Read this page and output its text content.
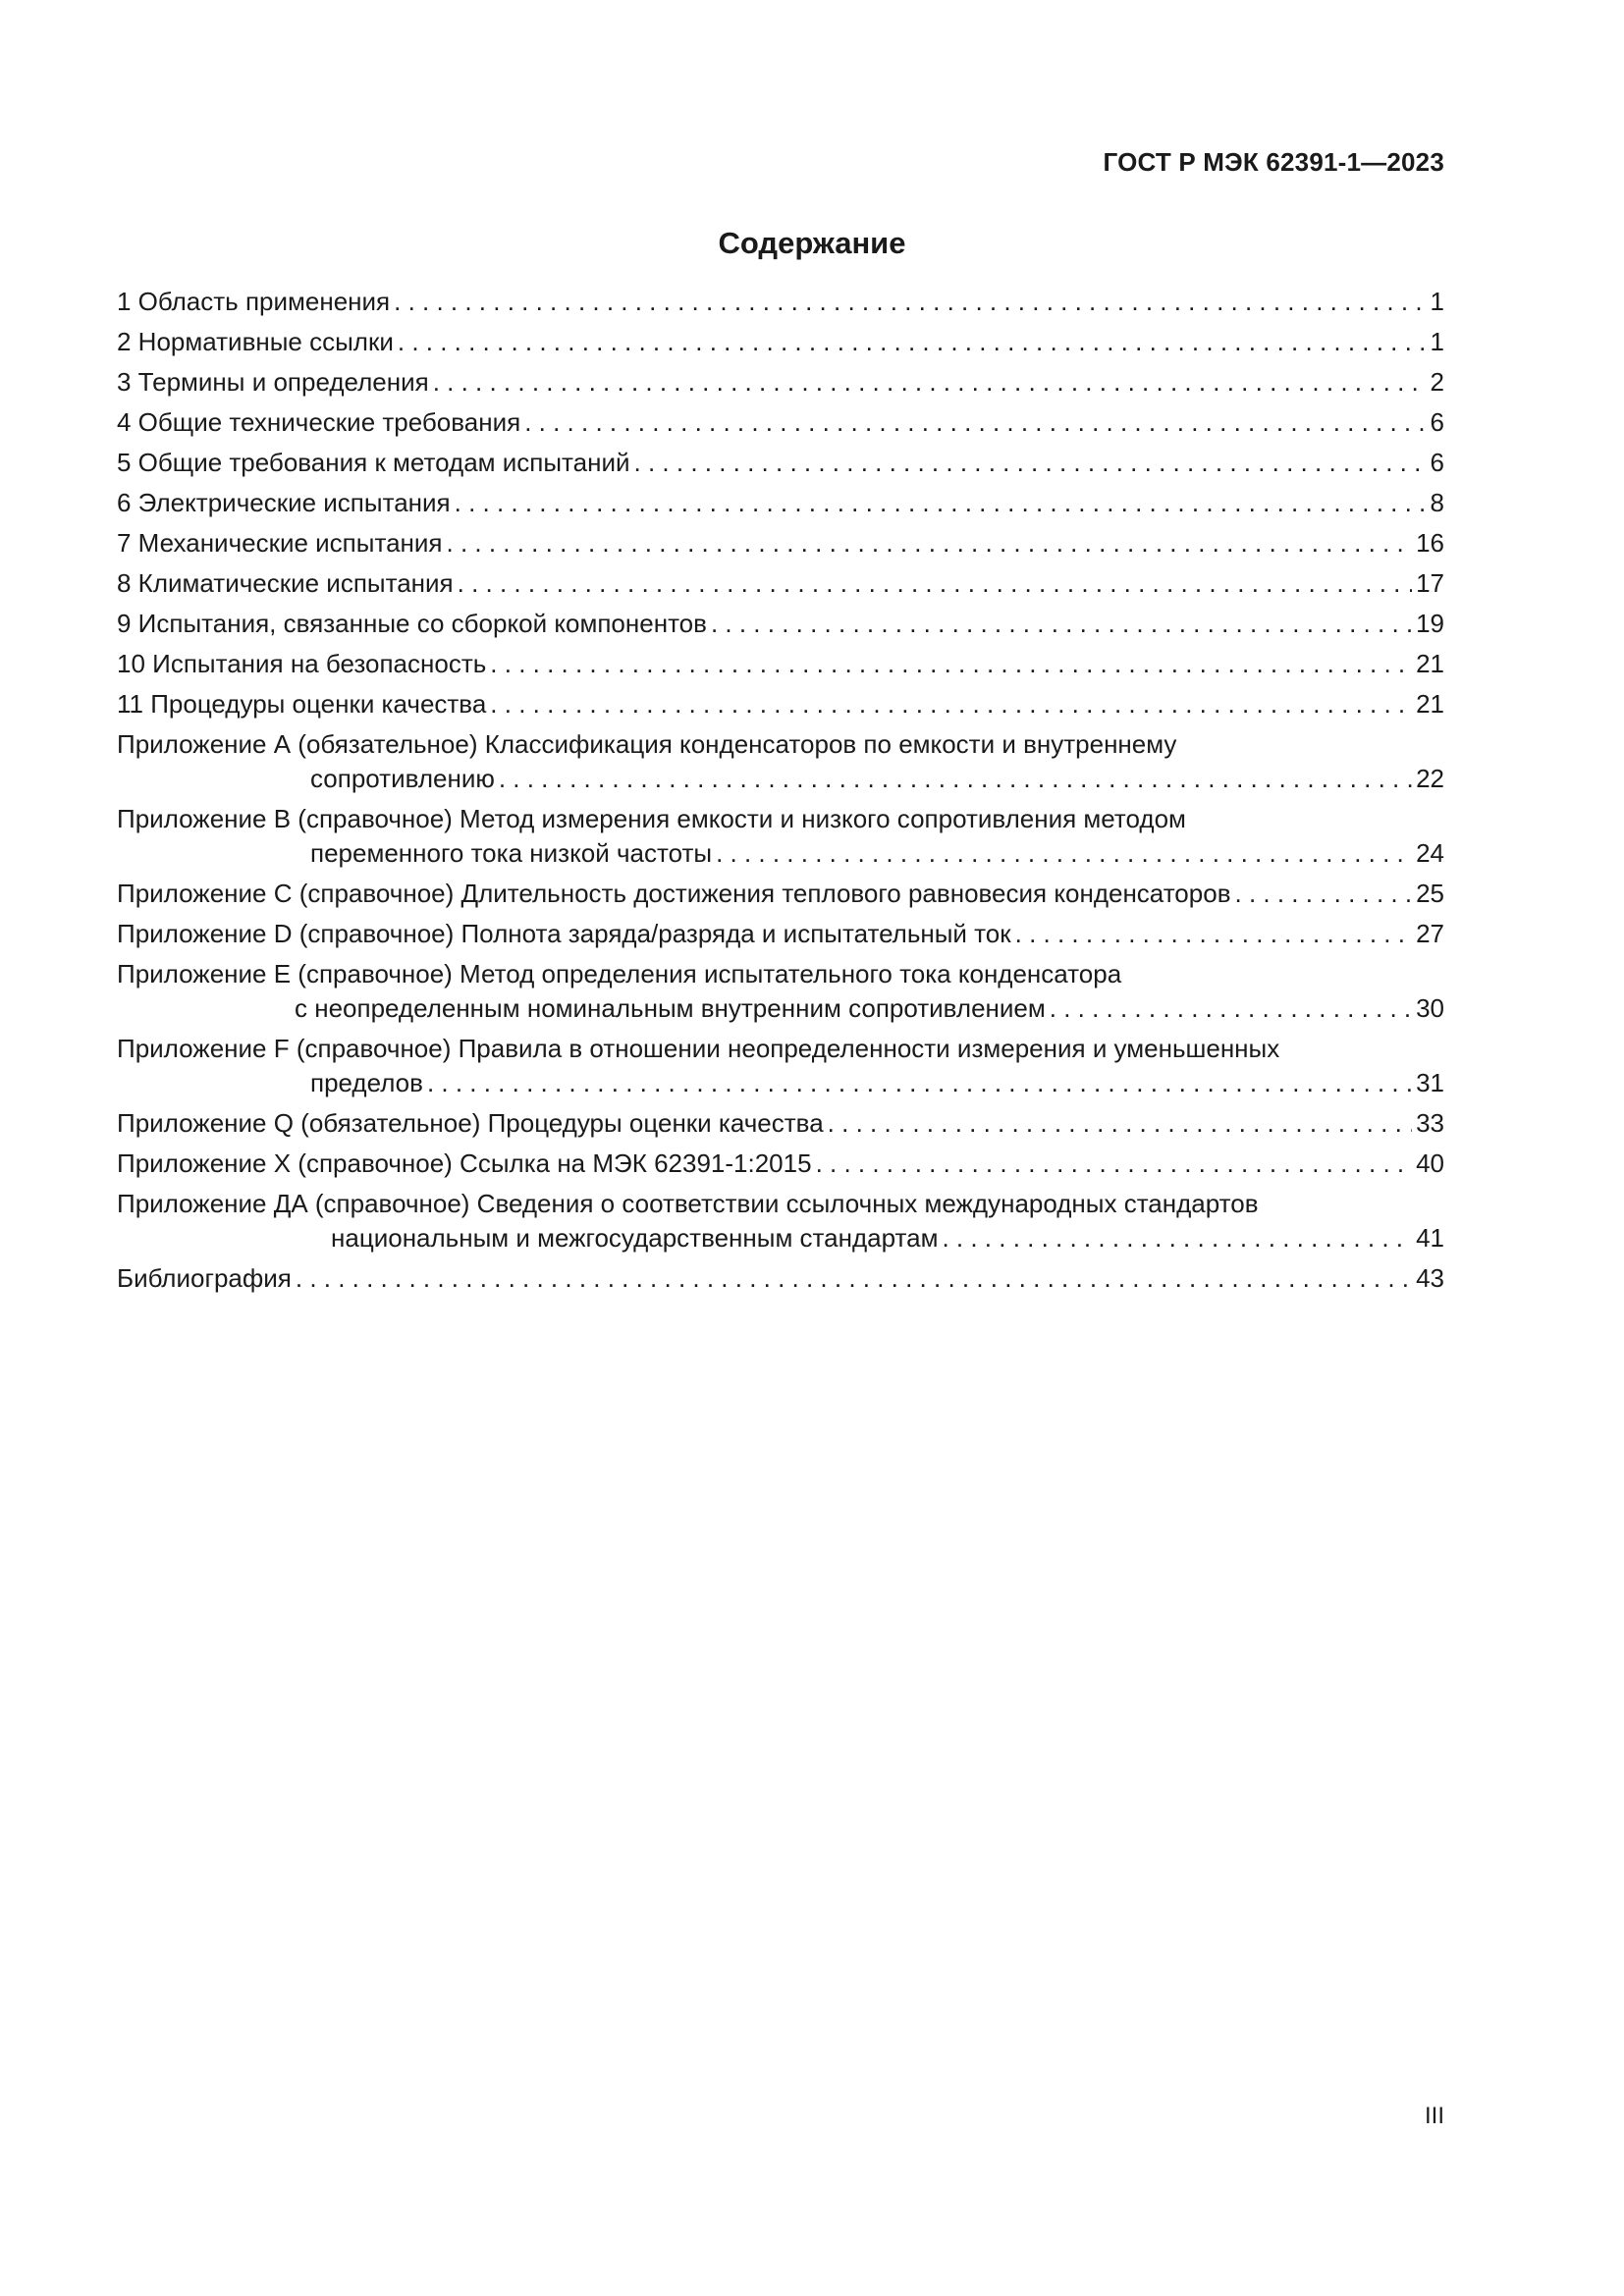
ГОСТ Р МЭК 62391-1—2023
Содержание
1 Область применения . . .	1
2 Нормативные ссылки . . .	1
3 Термины и определения . . .	2
4 Общие технические требования . . .	6
5 Общие требования к методам испытаний . . .	6
6 Электрические испытания . . .	8
7 Механические испытания . . .	16
8 Климатические испытания . . .	17
9 Испытания, связанные со сборкой компонентов . . .	19
10 Испытания на безопасность . . .	21
11 Процедуры оценки качества . . .	21
Приложение А (обязательное) Классификация конденсаторов по емкости и внутреннему
сопротивлению . . .	22
Приложение В (справочное) Метод измерения емкости и низкого сопротивления методом
переменного тока низкой частоты . . .	24
Приложение С (справочное) Длительность достижения теплового равновесия конденсаторов . . .	25
Приложение D (справочное) Полнота заряда/разряда и испытательный ток . . .	27
Приложение Е (справочное) Метод определения испытательного тока конденсатора
с неопределенным номинальным внутренним сопротивлением . . .	30
Приложение F (справочное) Правила в отношении неопределенности измерения и уменьшенных
пределов . . .	31
Приложение Q (обязательное) Процедуры оценки качества . . .	33
Приложение X (справочное) Ссылка на МЭК 62391-1:2015 . . .	40
Приложение ДА (справочное) Сведения о соответствии ссылочных международных стандартов
национальным и межгосударственным стандартам . . .	41
Библиография . . .	43
III
